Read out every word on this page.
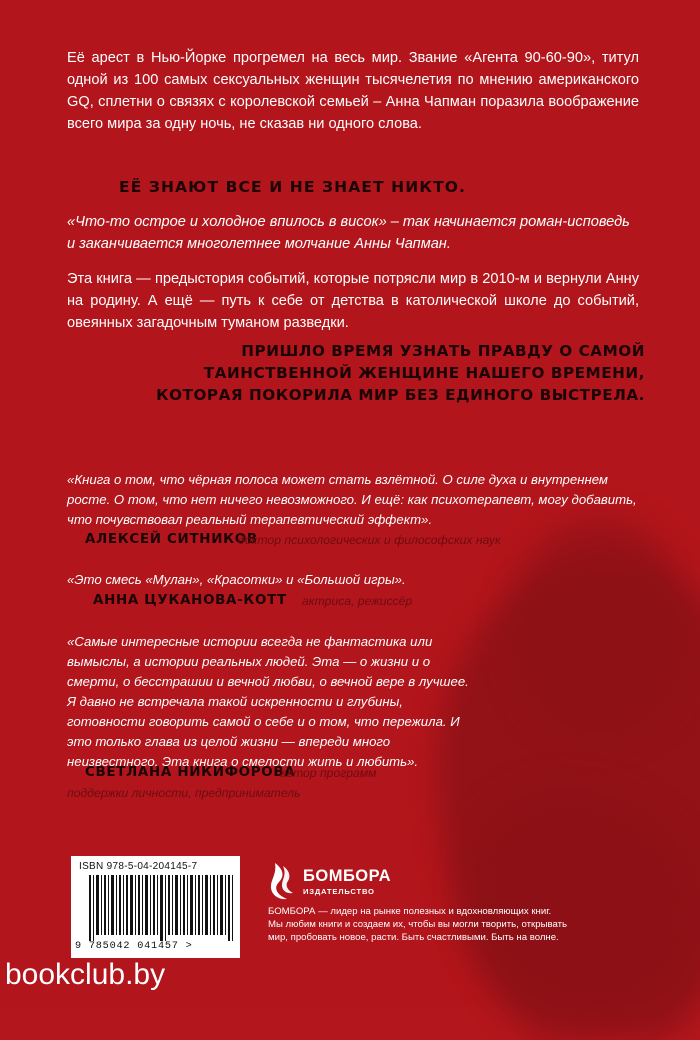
Её арест в Нью-Йорке прогремел на весь мир. Звание «Агента 90-60-90», титул одной из 100 самых сексуальных женщин тысячелетия по мнению американского GQ, сплетни о связях с королевской семьей – Анна Чапман поразила воображение всего мира за одну ночь, не сказав ни одного слова.
ЕЁ ЗНАЮТ ВСЕ И НЕ ЗНАЕТ НИКТО.
«Что-то острое и холодное впилось в висок» – так начинается роман-исповедь и заканчивается многолетнее молчание Анны Чапман.
Эта книга — предыстория событий, которые потрясли мир в 2010-м и вернули Анну на родину. А ещё — путь к себе от детства в католической школе до событий, овеянных загадочным туманом разведки.
ПРИШЛО ВРЕМЯ УЗНАТЬ ПРАВДУ О САМОЙ
ТАИНСТВЕННОЙ ЖЕНЩИНЕ НАШЕГО ВРЕМЕНИ,
КОТОРАЯ ПОКОРИЛА МИР БЕЗ ЕДИНОГО ВЫСТРЕЛА.
«Книга о том, что чёрная полоса может стать взлётной. О силе духа и внутреннем росте. О том, что нет ничего невозможного. И ещё: как психотерапевт, могу добавить, что почувствовал реальный терапевтический эффект».
АЛЕКСЕЙ СИТНИКОВ
доктор психологических и философских наук
«Это смесь «Мулан», «Красотки» и «Большой игры».
АННА ЦУКАНОВА-КОТТ актриса, режиссёр
«Самые интересные истории всегда не фантастика или вымыслы, а истории реальных людей. Эта — о жизни и о смерти, о бесстрашии и вечной любви, о вечной вере в лучшее. Я давно не встречала такой искренности и глубины, готовности говорить самой о себе и о том, что пережила. И это только глава из целой жизни — впереди много неизвестного. Эта книга о смелости жить и любить».
СВЕТЛАНА НИКИФОРОВА
автор программ
поддержки личности, предприниматель
ISBN 978-5-04-204145-7
9 785042 041457 >
БОМБОРА
ИЗДАТЕЛЬСТВО
БОМБОРА — лидер на рынке полезных и вдохновляющих книг. Мы любим книги и создаем их, чтобы вы могли творить, открывать мир, пробовать новое, расти. Быть счастливыми. Быть на волне.
bookclub.by
